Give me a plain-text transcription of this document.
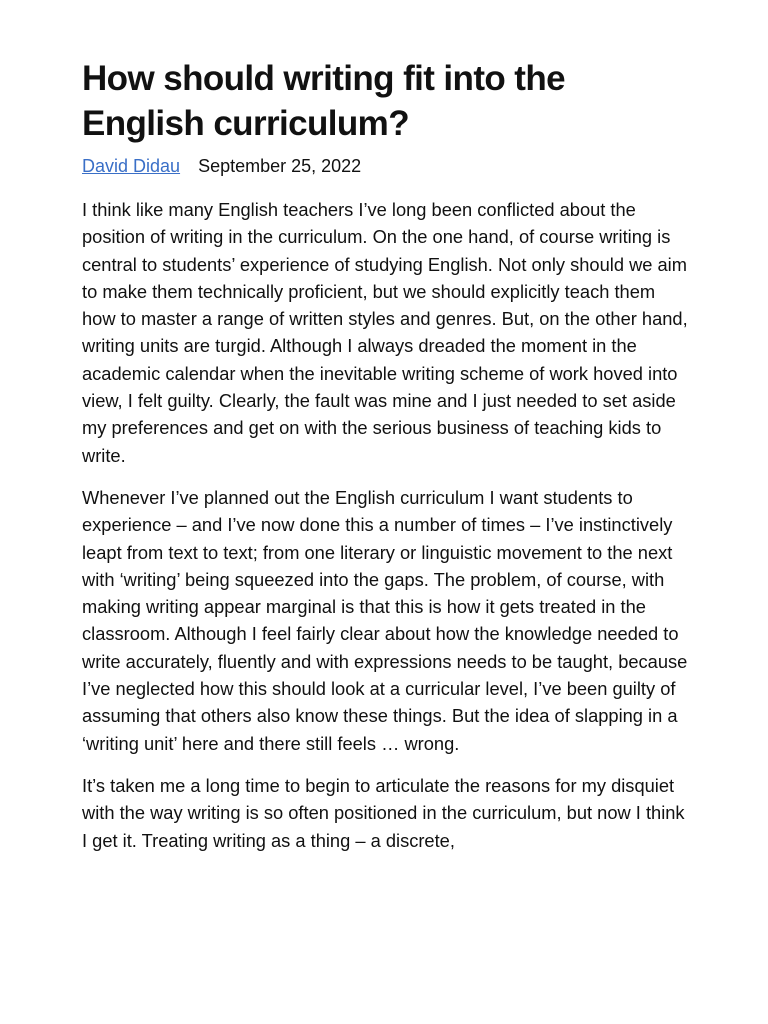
How should writing fit into the English curriculum?
David Didau September 25, 2022

I think like many English teachers I’ve long been conflicted about the position of writing in the curriculum. On the one hand, of course writing is central to students’ experience of studying English. Not only should we aim to make them technically proficient, but we should explicitly teach them how to master a range of written styles and genres. But, on the other hand, writing units are turgid. Although I always dreaded the moment in the academic calendar when the inevitable writing scheme of work hoved into view, I felt guilty. Clearly, the fault was mine and I just needed to set aside my preferences and get on with the serious business of teaching kids to write.

Whenever I’ve planned out the English curriculum I want students to experience – and I’ve now done this a number of times – I’ve instinctively leapt from text to text; from one literary or linguistic movement to the next with ‘writing’ being squeezed into the gaps. The problem, of course, with making writing appear marginal is that this is how it gets treated in the classroom. Although I feel fairly clear about how the knowledge needed to write accurately, fluently and with expressions needs to be taught, because I’ve neglected how this should look at a curricular level, I’ve been guilty of assuming that others also know these things. But the idea of slapping in a ‘writing unit’ here and there still feels … wrong.

It’s taken me a long time to begin to articulate the reasons for my disquiet with the way writing is so often positioned in the curriculum, but now I think I get it. Treating writing as a thing – a discrete,
